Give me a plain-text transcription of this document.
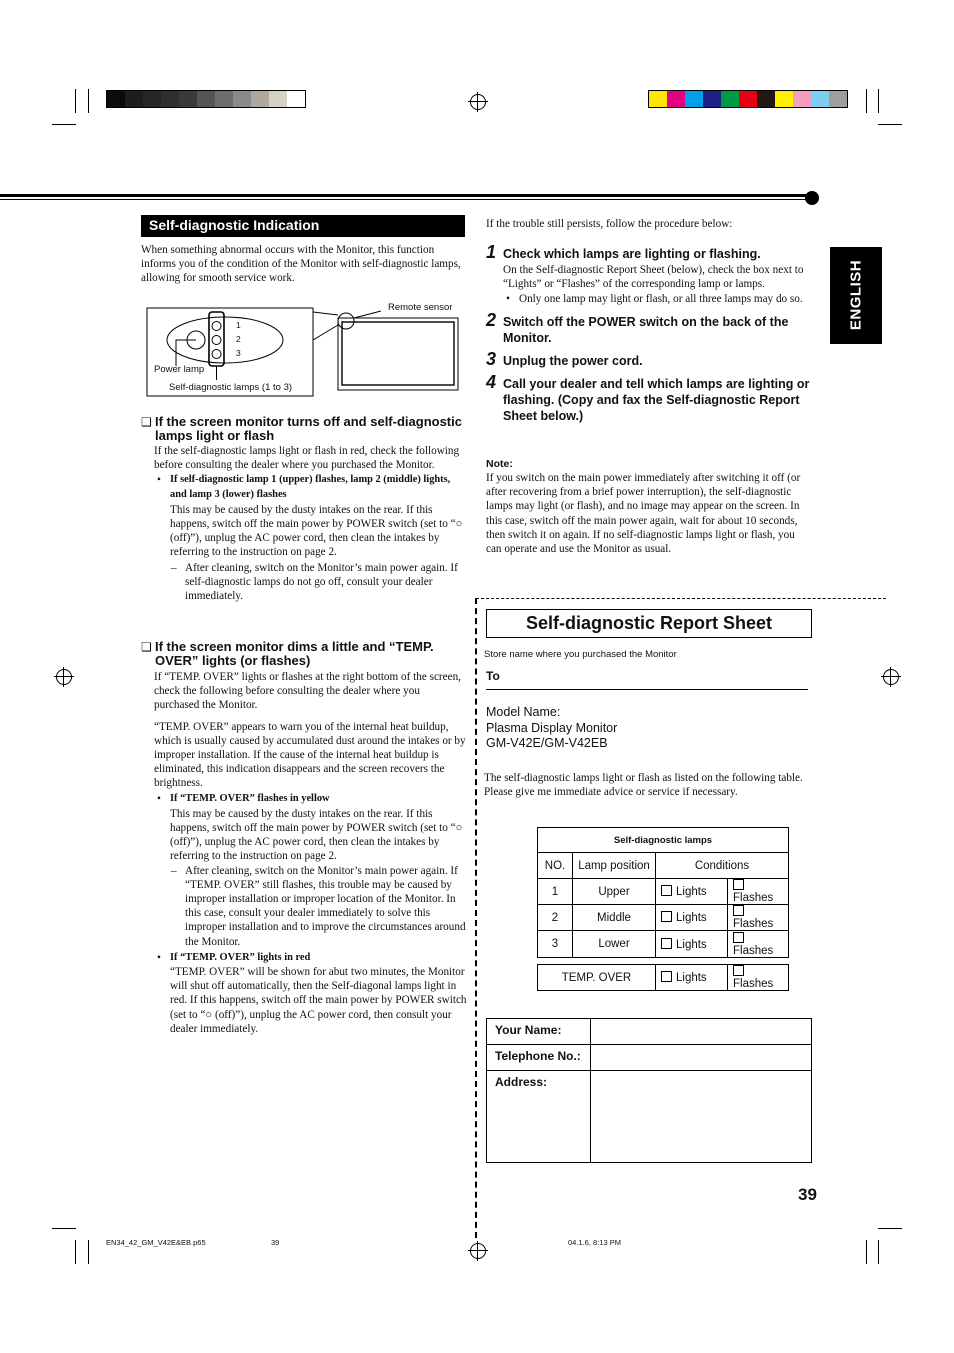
Self-diagnostic Indication

When something abnormal occurs with the Monitor, this function informs you of the condition of the Monitor with self-diagnostic lamps, allowing for smooth service work.

1
2
3
Remote sensor
Power lamp
Self-diagnostic lamps (1 to 3)
❑ If the screen monitor turns off and self-diagnostic lamps light or flash

If the self-diagnostic lamps light or flash in red, check the following before consulting the dealer where you purchased the Monitor.

• If self-diagnostic lamp 1 (upper) flashes, lamp 2 (middle) lights, and lamp 3 (lower) flashes
This may be caused by the dusty intakes on the rear. If this happens, switch off the main power by POWER switch (set to “○ (off)”), unplug the AC power cord, then clean the intakes by referring to the instruction on page 2.
– After cleaning, switch on the Monitor’s main power again. If self-diagnostic lamps do not go off, consult your dealer immediately.
❑ If the screen monitor dims a little and “TEMP. OVER” lights (or flashes)

If “TEMP. OVER” lights or flashes at the right bottom of the screen, check the following before consulting the dealer where you purchased the Monitor.

“TEMP. OVER” appears to warn you of the internal heat buildup, which is usually caused by accumulated dust around the intakes or by improper installation. If the cause of the internal heat buildup is eliminated, this indication disappears and the screen recovers the brightness.

• If “TEMP. OVER” flashes in yellow
This may be caused by the dusty intakes on the rear. If this happens, switch off the main power by POWER switch (set to “○ (off)”), unplug the AC power cord, then clean the intakes by referring to the instruction on page 2.
– After cleaning, switch on the Monitor’s main power again. If “TEMP. OVER” still flashes, this trouble may be caused by improper installation or improper location of the Monitor. In this case, consult your dealer immediately to solve this improper installation and to improve the circumstances around the Monitor.
• If “TEMP. OVER” lights in red
“TEMP. OVER” will be shown for abut two minutes, the Monitor will shut off automatically, then the Self-diagonal lamps light in red. If this happens, switch off the main power by POWER switch (set to “○ (off)”), unplug the AC power cord, then consult your dealer immediately.

If the trouble still persists, follow the procedure below:

1 Check which lamps are lighting or flashing.

On the Self-diagnostic Report Sheet (below), check the box next to “Lights” or “Flashes” of the corresponding lamp or lamps.

• Only one lamp may light or flash, or all three lamps may do so.
2 Switch off the POWER switch on the back of the Monitor.
3 Unplug the power cord.
4 Call your dealer and tell which lamps are lighting or flashing. (Copy and fax the Self-diagnostic Report Sheet below.)
Note:

If you switch on the main power immediately after switching it off (or after recovering from a brief power interruption), the self-diagnostic lamps may light (or flash), and no image may appear on the screen. In this case, switch off the main power again, wait for about 10 seconds, then switch it on again. If no self-diagnostic lamps light or flash, you can operate and use the Monitor as usual.

ENGLISH
Self-diagnostic Report Sheet
Store name where you purchased the Monitor
To
Model Name:
Plasma Display Monitor
GM-V42E/GM-V42EB

The self-diagnostic lamps light or flash as listed on the following table. Please give me immediate advice or service if necessary.

Self-diagnostic lamps			
NO.	Lamp position	Conditions	
1	Upper	Lights	Flashes
2	Middle	Lights	Flashes
3	Lower	Lights	Flashes
TEMP. OVER	Lights	Flashes
Your Name:	
Telephone No.:	
Address:	
39
EN34_42_GM_V42E&EB.p65	39	04.1.6, 8:13 PM
